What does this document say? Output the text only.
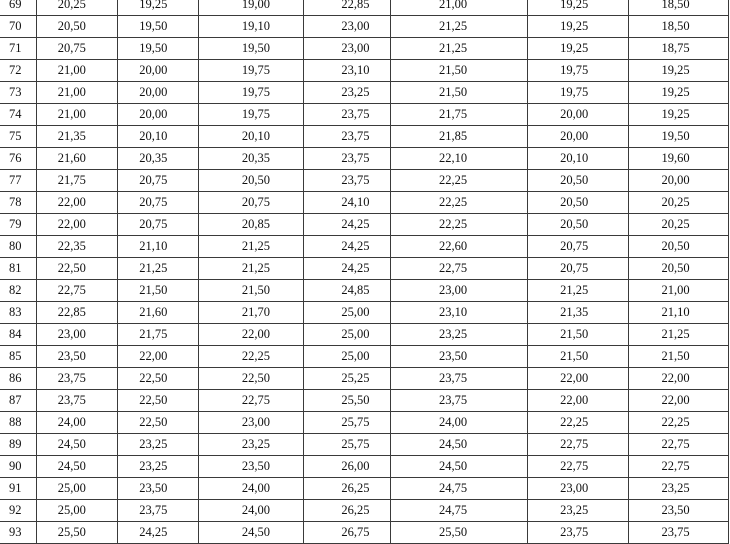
69	20,25	19,25	19,00	22,85	21,00	19,25	18,50
70	20,50	19,50	19,10	23,00	21,25	19,25	18,50
71	20,75	19,50	19,50	23,00	21,25	19,25	18,75
72	21,00	20,00	19,75	23,10	21,50	19,75	19,25
73	21,00	20,00	19,75	23,25	21,50	19,75	19,25
74	21,00	20,00	19,75	23,75	21,75	20,00	19,25
75	21,35	20,10	20,10	23,75	21,85	20,00	19,50
76	21,60	20,35	20,35	23,75	22,10	20,10	19,60
77	21,75	20,75	20,50	23,75	22,25	20,50	20,00
78	22,00	20,75	20,75	24,10	22,25	20,50	20,25
79	22,00	20,75	20,85	24,25	22,25	20,50	20,25
80	22,35	21,10	21,25	24,25	22,60	20,75	20,50
81	22,50	21,25	21,25	24,25	22,75	20,75	20,50
82	22,75	21,50	21,50	24,85	23,00	21,25	21,00
83	22,85	21,60	21,70	25,00	23,10	21,35	21,10
84	23,00	21,75	22,00	25,00	23,25	21,50	21,25
85	23,50	22,00	22,25	25,00	23,50	21,50	21,50
86	23,75	22,50	22,50	25,25	23,75	22,00	22,00
87	23,75	22,50	22,75	25,50	23,75	22,00	22,00
88	24,00	22,50	23,00	25,75	24,00	22,25	22,25
89	24,50	23,25	23,25	25,75	24,50	22,75	22,75
90	24,50	23,25	23,50	26,00	24,50	22,75	22,75
91	25,00	23,50	24,00	26,25	24,75	23,00	23,25
92	25,00	23,75	24,00	26,25	24,75	23,25	23,50
93	25,50	24,25	24,50	26,75	25,50	23,75	23,75
